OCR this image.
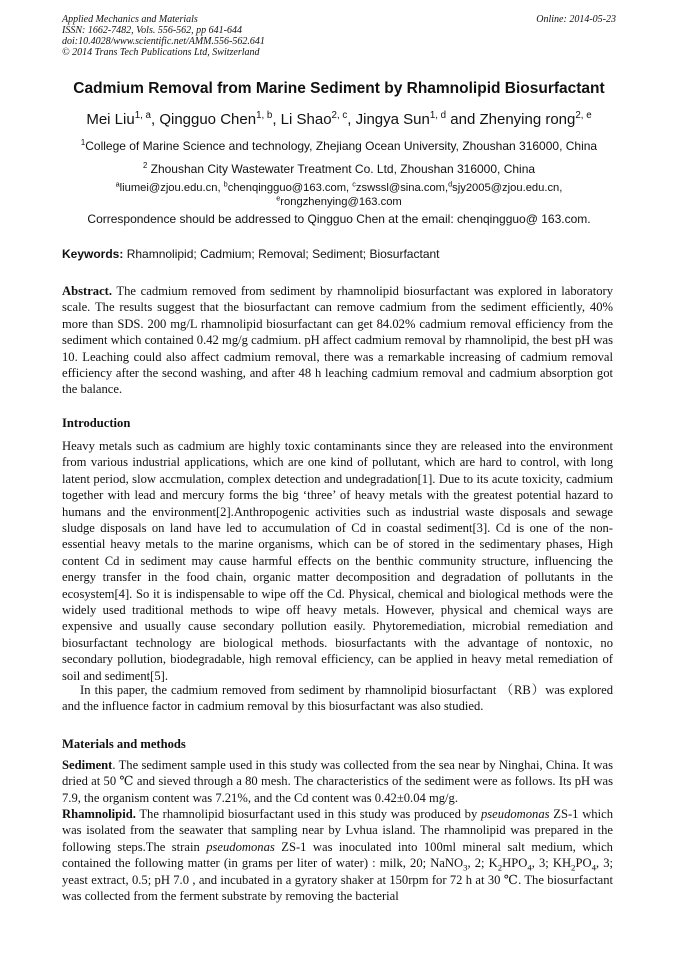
Applied Mechanics and Materials
ISSN: 1662-7482, Vols. 556-562, pp 641-644
doi:10.4028/www.scientific.net/AMM.556-562.641
© 2014 Trans Tech Publications Ltd, Switzerland
Online: 2014-05-23
Cadmium Removal from Marine Sediment by Rhamnolipid Biosurfactant
Mei Liu$^{1, a}$, Qingguo Chen$^{1, b}$, Li Shao$^{2, c}$, Jingya Sun$^{1, d}$ and Zhenying rong$^{2, e}$
$^1$College of Marine Science and technology, Zhejiang Ocean University, Zhoushan 316000, China
$^2$ Zhoushan City Wastewater Treatment Co. Ltd, Zhoushan 316000, China
$^a$liumei@zjou.edu.cn, $^b$chenqingguo@163.com, $^c$zswssl@sina.com,$^d$sjy2005@zjou.edu.cn,
$^e$rongzhenying@163.com
Correspondence should be addressed to Qingguo Chen at the email: chenqingguo@ 163.com.
Keywords: Rhamnolipid; Cadmium; Removal; Sediment; Biosurfactant
Abstract. The cadmium removed from sediment by rhamnolipid biosurfactant was explored in laboratory scale. The results suggest that the biosurfactant can remove cadmium from the sediment efficiently, 40% more than SDS. 200 mg/L rhamnolipid biosurfactant can get 84.02% cadmium removal efficiency from the sediment which contained 0.42 mg/g cadmium. pH affect cadmium removal by rhamnolipid, the best pH was 10. Leaching could also affect cadmium removal, there was a remarkable increasing of cadmium removal efficiency after the second washing, and after 48 h leaching cadmium removal and cadmium absorption got the balance.
Introduction
Heavy metals such as cadmium are highly toxic contaminants since they are released into the environment from various industrial applications, which are one kind of pollutant, which are hard to control, with long latent period, slow accmulation, complex detection and undegradation[1]. Due to its acute toxicity, cadmium together with lead and mercury forms the big ‘three’ of heavy metals with the greatest potential hazard to humans and the environment[2].Anthropogenic activities such as industrial waste disposals and sewage sludge disposals on land have led to accumulation of Cd in coastal sediment[3]. Cd is one of the non-essential heavy metals to the marine organisms, which can be of stored in the sedimentary phases, High content Cd in sediment may cause harmful effects on the benthic community structure, influencing the energy transfer in the food chain, organic matter decomposition and degradation of pollutants in the ecosystem[4]. So it is indispensable to wipe off the Cd. Physical, chemical and biological methods were the widely used traditional methods to wipe off heavy metals. However, physical and chemical ways are expensive and usually cause secondary pollution easily. Phytoremediation, microbial remediation and biosurfactant technology are biological methods. biosurfactants with the advantage of nontoxic, no secondary pollution, biodegradable, high removal efficiency, can be applied in heavy metal remediation of soil and sediment[5].
In this paper, the cadmium removed from sediment by rhamnolipid biosurfactant （RB）was explored and the influence factor in cadmium removal by this biosurfactant was also studied.
Materials and methods
Sediment. The sediment sample used in this study was collected from the sea near by Ninghai, China. It was dried at 50 ℃ and sieved through a 80 mesh. The characteristics of the sediment were as follows. Its pH was 7.9, the organism content was 7.21%, and the Cd content was 0.42±0.04 mg/g.
Rhamnolipid. The rhamnolipid biosurfactant used in this study was produced by pseudomonas ZS-1 which was isolated from the seawater that sampling near by Lvhua island. The rhamnolipid was prepared in the following steps.The strain pseudomonas ZS-1 was inoculated into 100ml mineral salt medium, which contained the following matter (in grams per liter of water) : milk, 20; NaNO$_3$, 2; $K_2HPO_4$, 3; $KH_2PO_4$, 3; yeast extract, 0.5; pH 7.0 , and incubated in a gyratory shaker at 150rpm for 72 h at 30 ℃. The biosurfactant was collected from the ferment substrate by removing the bacterial
